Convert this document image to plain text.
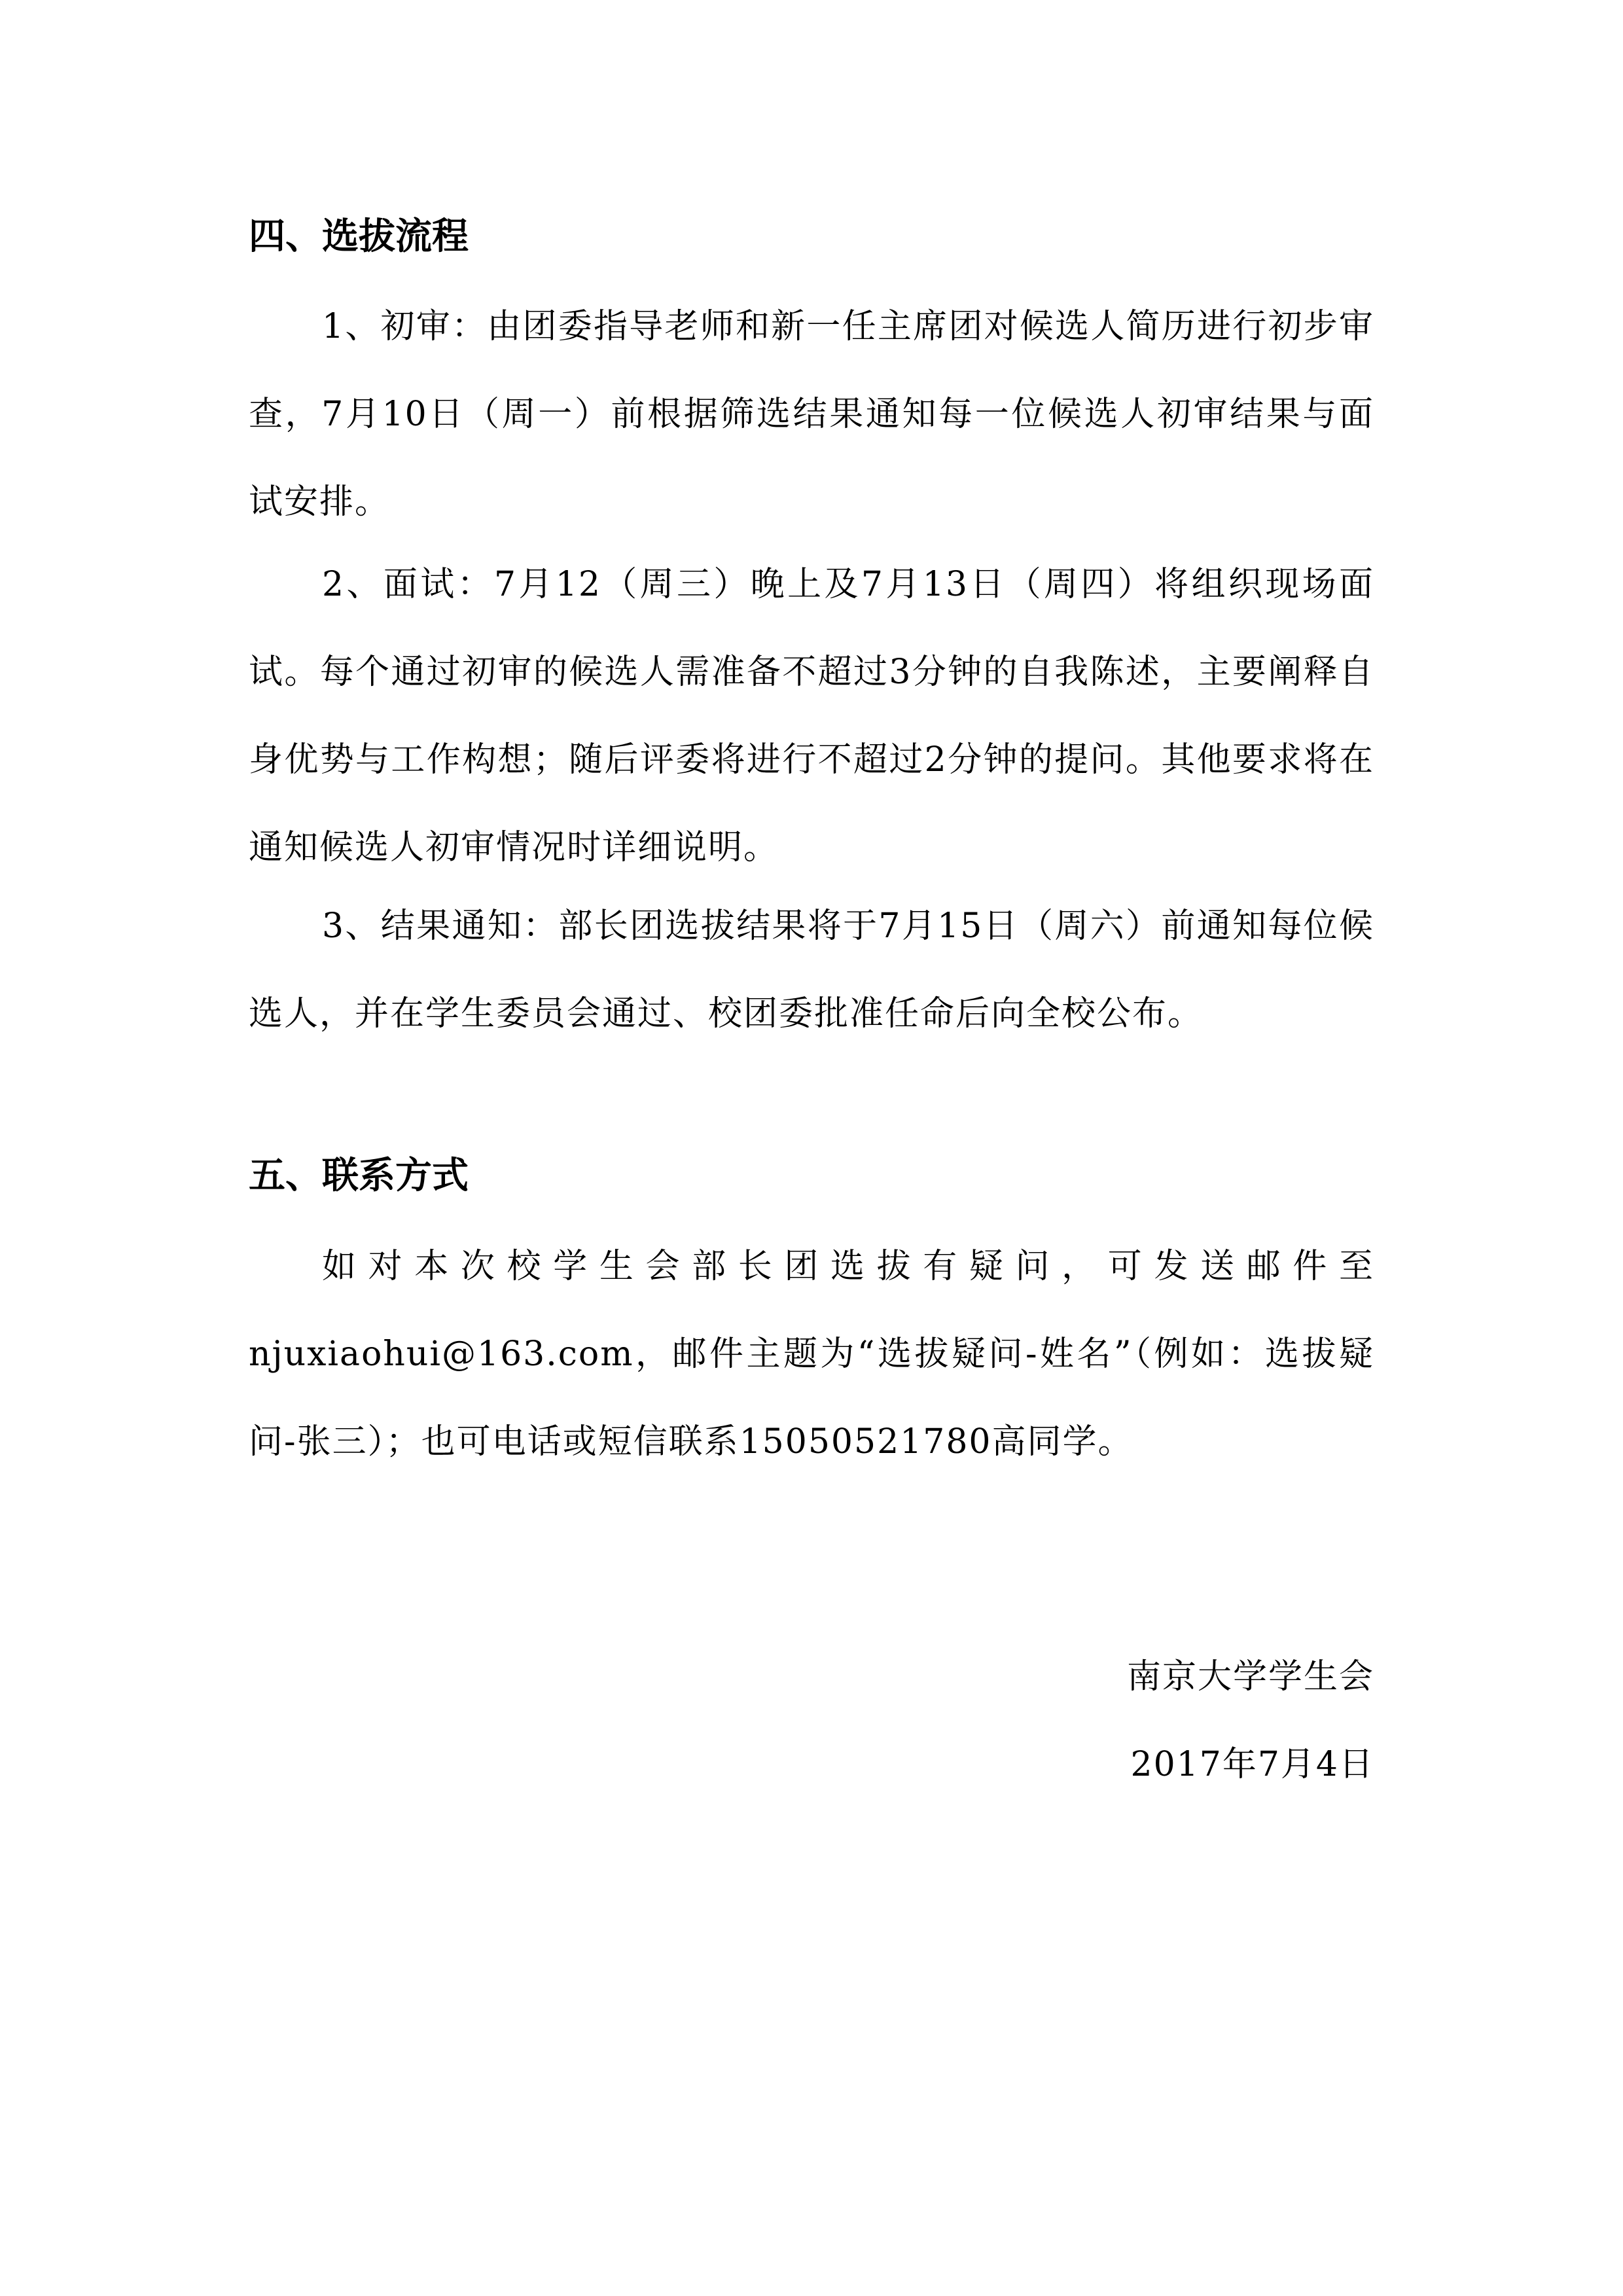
四、选拔流程

1、初审：由团委指导老师和新一任主席团对候选人简历进行初步审查，7月10日（周一）前根据筛选结果通知每一位候选人初审结果与面试安排。

2、面试：7月12（周三）晚上及7月13日（周四）将组织现场面试。每个通过初审的候选人需准备不超过3分钟的自我陈述，主要阐释自身优势与工作构想；随后评委将进行不超过2分钟的提问。其他要求将在通知候选人初审情况时详细说明。

3、结果通知：部长团选拔结果将于7月15日（周六）前通知每位候选人，并在学生委员会通过、校团委批准任命后向全校公布。

五、联系方式

如对本次校学生会部长团选拔有疑问，可发送邮件至njuxiaohui@163.com，邮件主题为“选拔疑问-姓名”（例如：选拔疑问-张三）；也可电话或短信联系15050521780高同学。

南京大学学生会
2017年7月4日
